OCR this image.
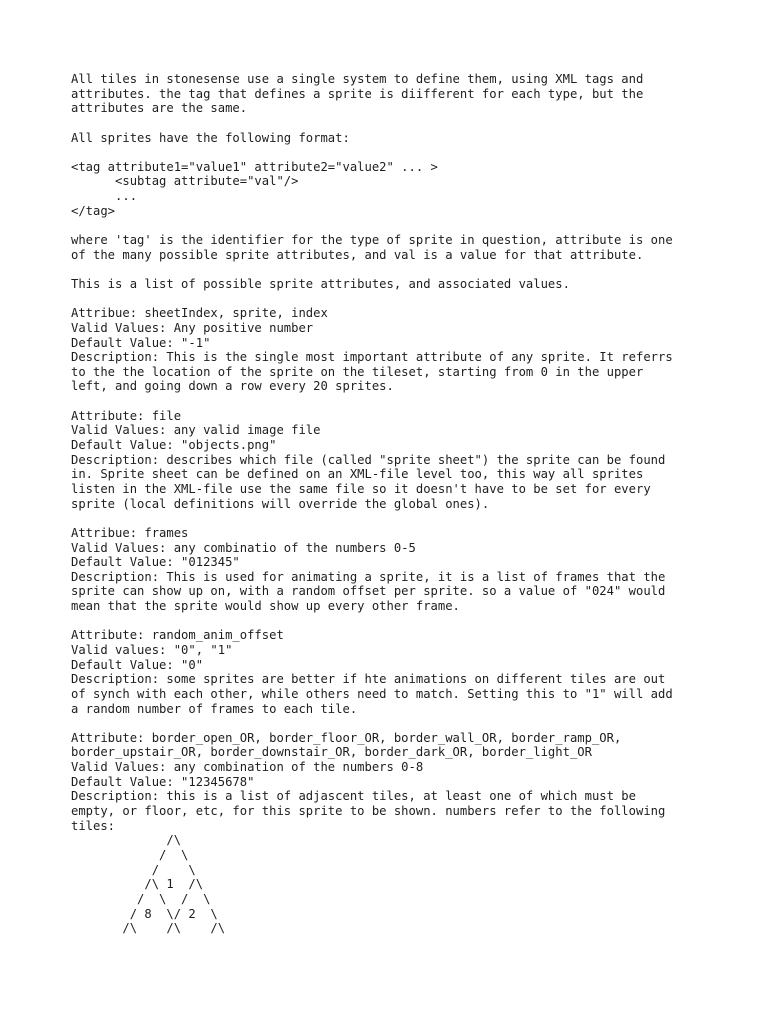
All tiles in stonesense use a single system to define them, using XML tags and
attributes. the tag that defines a sprite is diifferent for each type, but the
attributes are the same.
All sprites have the following format:
<tag attribute1="value1" attribute2="value2" ... >
<subtag attribute="val"/>
...
</tag>
where 'tag' is the identifier for the type of sprite in question, attribute is one
of the many possible sprite attributes, and val is a value for that attribute.
This is a list of possible sprite attributes, and associated values.
Attribue: sheetIndex, sprite, index
Valid Values: Any positive number
Default Value: "-1"
Description: This is the single most important attribute of any sprite. It referrs
to the the location of the sprite on the tileset, starting from 0 in the upper
left, and going down a row every 20 sprites.
Attribute: file
Valid Values: any valid image file
Default Value: "objects.png"
Description: describes which file (called "sprite sheet") the sprite can be found
in. Sprite sheet can be defined on an XML-file level too, this way all sprites
listen in the XML-file use the same file so it doesn't have to be set for every
sprite (local definitions will override the global ones).
Attribue: frames
Valid Values: any combinatio of the numbers 0-5
Default Value: "012345"
Description: This is used for animating a sprite, it is a list of frames that the
sprite can show up on, with a random offset per sprite. so a value of "024" would
mean that the sprite would show up every other frame.
Attribute: random_anim_offset
Valid values: "0", "1"
Default Value: "0"
Description: some sprites are better if hte animations on different tiles are out
of synch with each other, while others need to match. Setting this to "1" will add
a random number of frames to each tile.
Attribute: border_open_OR, border_floor_OR, border_wall_OR, border_ramp_OR,
border_upstair_OR, border_downstair_OR, border_dark_OR, border_light_OR
Valid Values: any combination of the numbers 0-8
Default Value: "12345678"
Description: this is a list of adjascent tiles, at least one of which must be
empty, or floor, etc, for this sprite to be shown. numbers refer to the following
tiles:
/\
/  \
/    \
/\ 1  /\
/  \  /  \
/ 8  \/ 2  \
/\    /\    /\
